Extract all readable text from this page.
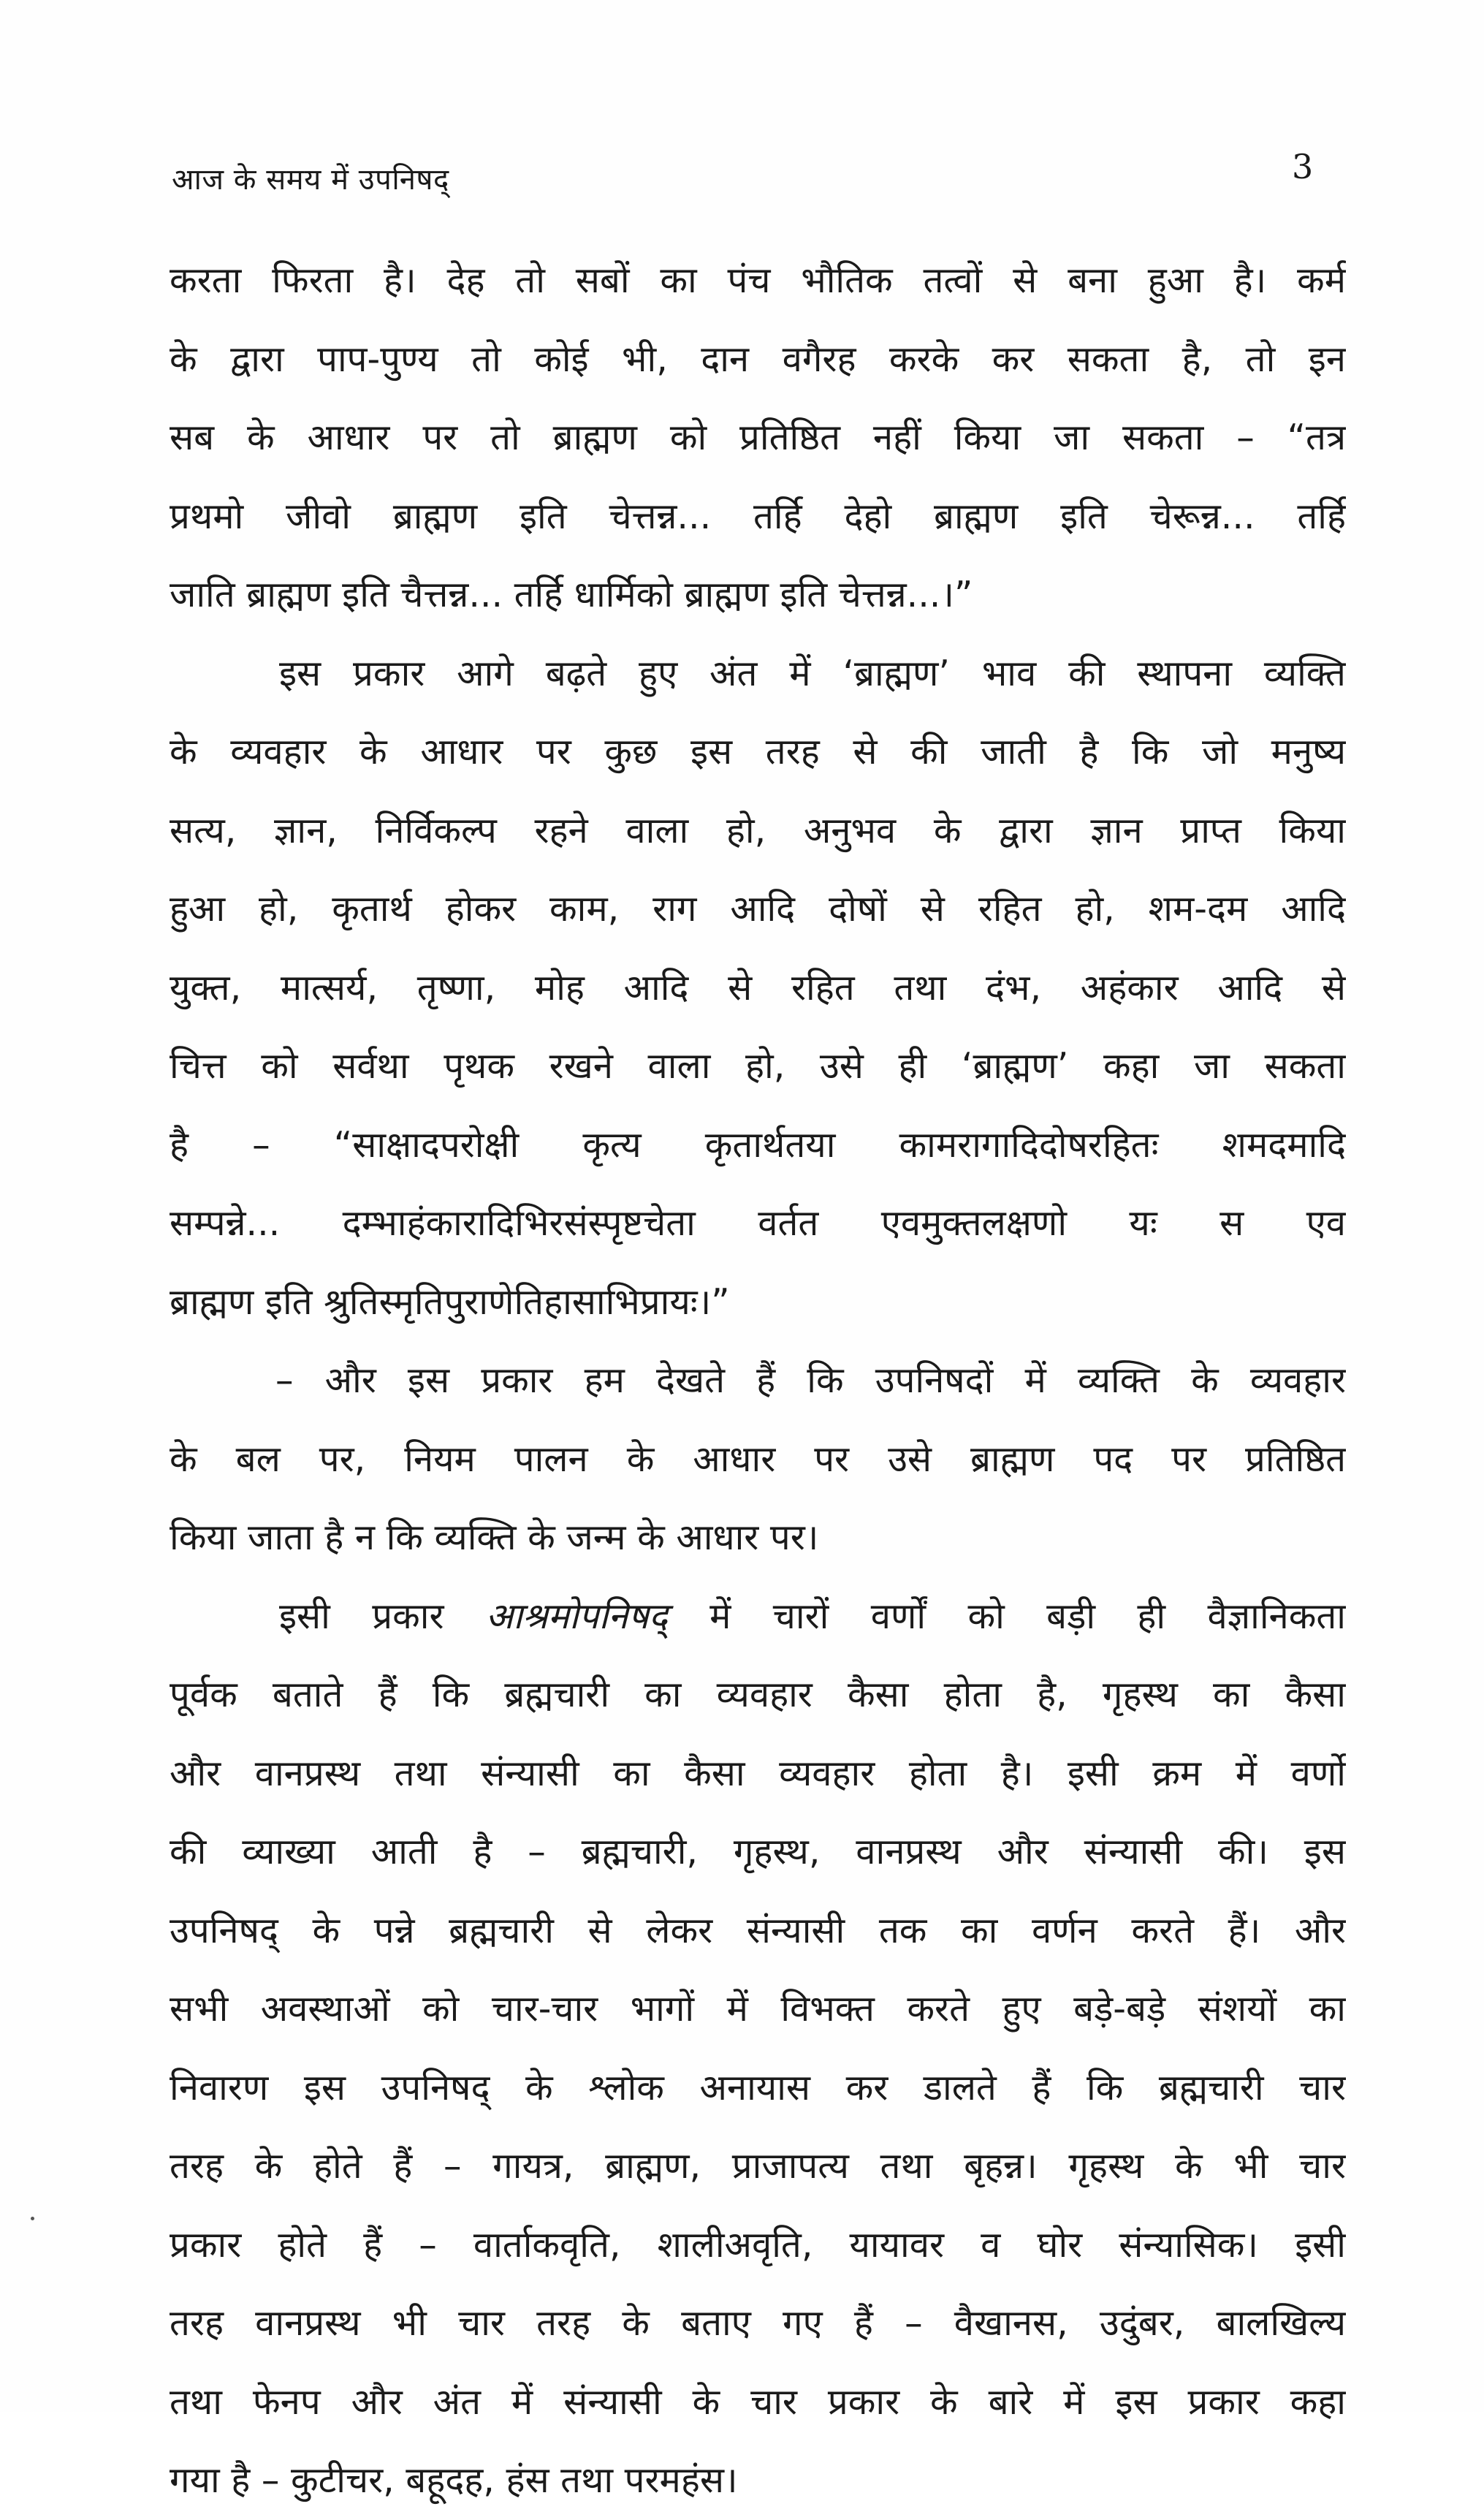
आज के समय में उपनिषद्	3
करता फिरता है। देह तो सबों का पंच भौतिक तत्वों से बना हुआ है। कर्म
के द्वारा पाप-पुण्य तो कोई भी, दान वगैरह करके कर सकता है, तो इन
सब के आधार पर तो ब्राह्मण को प्रतिष्ठित नहीं किया जा सकता – “तत्र
प्रथमो जीवो ब्राह्मण इति चेत्तन्न... तर्हि देहो ब्राह्मण इति चेरून्न... तर्हि
जाति ब्राह्मण इति चैत्तन्न... तर्हि धार्मिको ब्राह्मण इति चेत्तन्न...।”
इस प्रकार आगे बढ़ते हुए अंत में ‘ब्राह्मण’ भाव की स्थापना व्यक्ति
के व्यवहार के आधार पर कुछ इस तरह से की जाती है कि जो मनुष्य
सत्य, ज्ञान, निर्विकल्प रहने वाला हो, अनुभव के द्वारा ज्ञान प्राप्त किया
हुआ हो, कृतार्थ होकर काम, राग आदि दोषों से रहित हो, शम-दम आदि
युक्त, मात्सर्य, तृष्णा, मोह आदि से रहित तथा दंभ, अहंकार आदि से
चित्त को सर्वथा पृथक रखने वाला हो, उसे ही ‘ब्राह्मण’ कहा जा सकता
है – “साक्षादपरोक्षी कृत्य कृतार्थतया कामरागादिदोषरहितः शमदमादि
सम्पन्ने... दम्भाहंकारादिभिरसंस्पृष्टचेता वर्तत एवमुक्तलक्षणो यः स एव
ब्राह्मण इति श्रुतिस्मृतिपुराणेतिहासाभिप्रायः।”
– और इस प्रकार हम देखते हैं कि उपनिषदों में व्यक्ति के व्यवहार
के बल पर, नियम पालन के आधार पर उसे ब्राह्मण पद पर प्रतिष्ठित
किया जाता है न कि व्यक्ति के जन्म के आधार पर।
इसी प्रकार आश्रमोपनिषद् में चारों वर्णों को बड़ी ही वैज्ञानिकता
पूर्वक बताते हैं कि ब्रह्मचारी का व्यवहार कैसा होता है, गृहस्थ का कैसा
और वानप्रस्थ तथा संन्यासी का कैसा व्यवहार होता है। इसी क्रम में वर्णो
की व्याख्या आती है – ब्रह्मचारी, गृहस्थ, वानप्रस्थ और संन्यासी की। इस
उपनिषद् के पन्ने ब्रह्मचारी से लेकर संन्यासी तक का वर्णन करते हैं। और
सभी अवस्थाओं को चार-चार भागों में विभक्त करते हुए बड़े-बड़े संशयों का
निवारण इस उपनिषद् के श्लोक अनायास कर डालते हैं कि ब्रह्मचारी चार
तरह के होते हैं – गायत्र, ब्राह्मण, प्राजापत्य तथा बृहन्न। गृहस्थ के भी चार
प्रकार होते हैं – वार्ताकवृति, शालीअवृति, यायावर व घोर संन्यासिक। इसी
तरह वानप्रस्थ भी चार तरह के बताए गए हैं – वैखानस, उदुंबर, बालखिल्य
तथा फेनप और अंत में संन्यासी के चार प्रकार के बारे में इस प्रकार कहा
गया है – कुटीचर, बहूदह, हंस तथा परमहंस।
